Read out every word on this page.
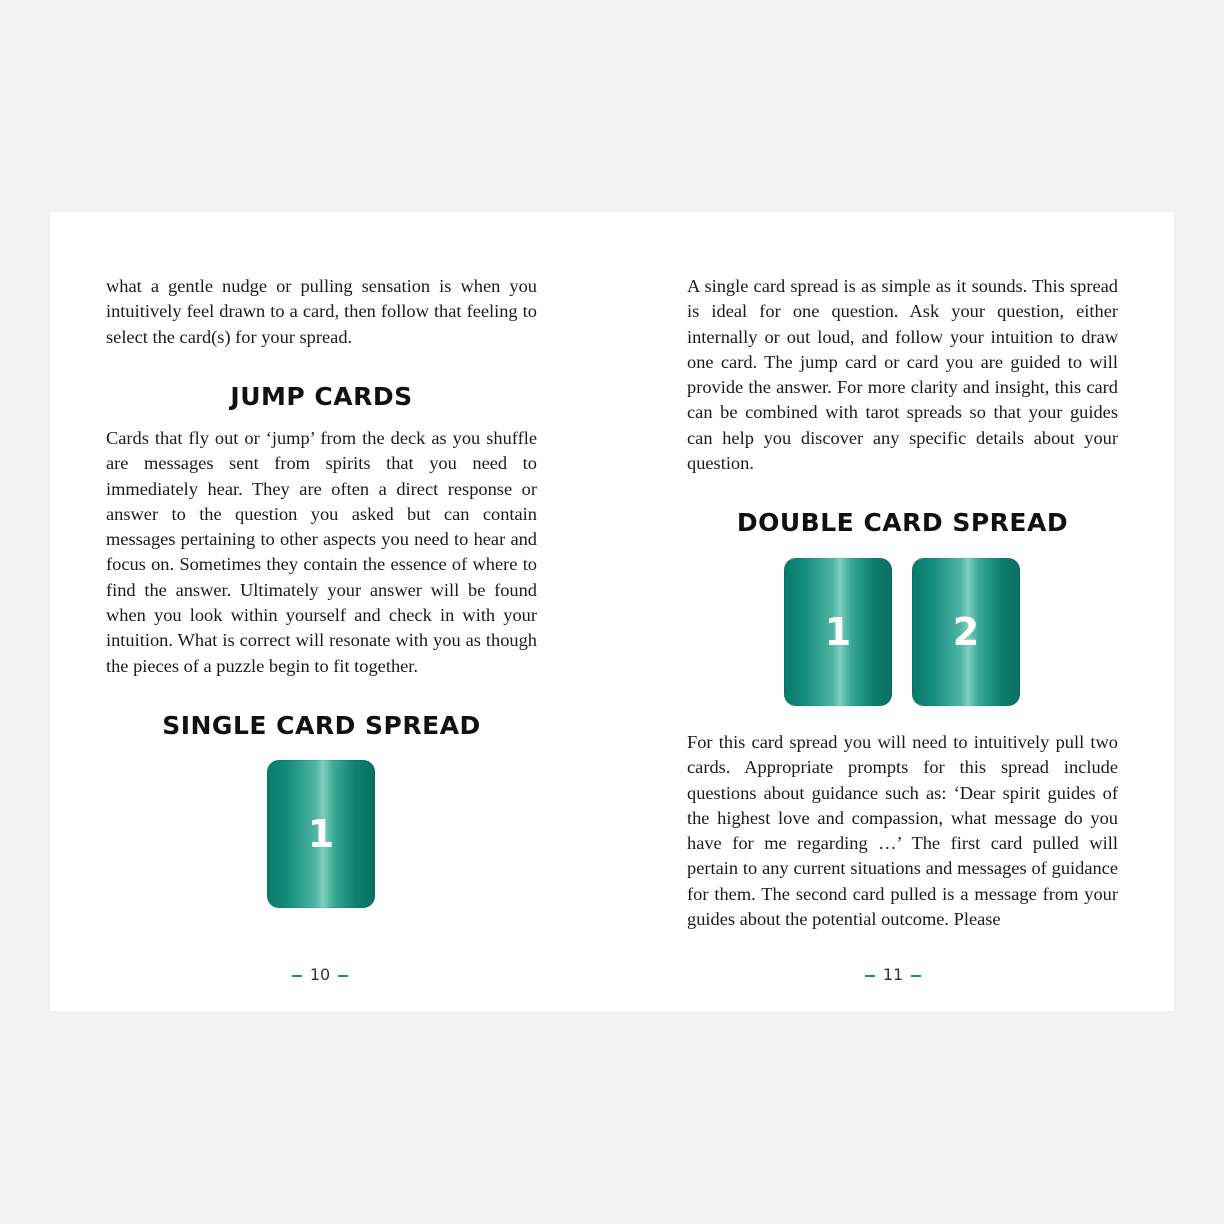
what a gentle nudge or pulling sensation is when you intuitively feel drawn to a card, then follow that feeling to select the card(s) for your spread.

JUMP CARDS

Cards that fly out or ‘jump’ from the deck as you shuffle are messages sent from spirits that you need to immediately hear. They are often a direct response or answer to the question you asked but can contain messages pertaining to other aspects you need to hear and focus on. Sometimes they contain the essence of where to find the answer. Ultimately your answer will be found when you look within yourself and check in with your intuition. What is correct will resonate with you as though the pieces of a puzzle begin to fit together.

SINGLE CARD SPREAD
1
10

A single card spread is as simple as it sounds. This spread is ideal for one question. Ask your question, either internally or out loud, and follow your intuition to draw one card. The jump card or card you are guided to will provide the answer. For more clarity and insight, this card can be combined with tarot spreads so that your guides can help you discover any specific details about your question.

DOUBLE CARD SPREAD
1	2

For this card spread you will need to intuitively pull two cards. Appropriate prompts for this spread include questions about guidance such as: ‘Dear spirit guides of the highest love and compassion, what message do you have for me regarding …’ The first card pulled will pertain to any current situations and messages of guidance for them. The second card pulled is a message from your guides about the potential outcome. Please

11
